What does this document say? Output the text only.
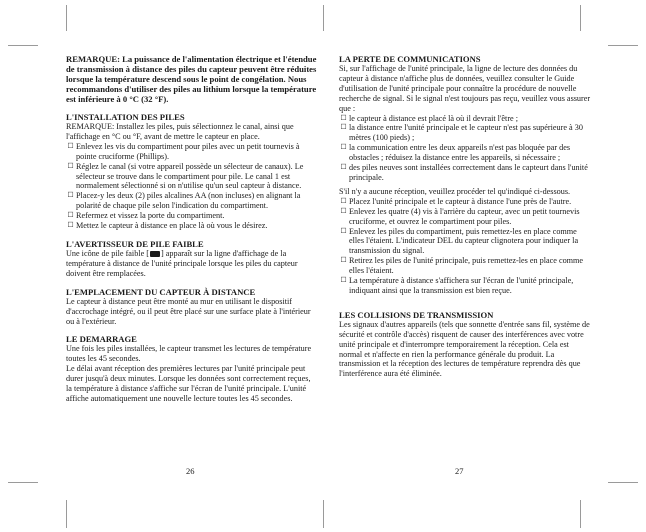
REMARQUE: La puissance de l'alimentation électrique et l'étendue de transmission à distance des piles du capteur peuvent être réduites lorsque la température descend sous le point de congélation. Nous recommandons d'utiliser des piles au lithium lorsque la température est inférieure à 0 °C (32 °F).

L'INSTALLATION DES PILES

REMARQUE: Installez les piles, puis sélectionnez le canal, ainsi que l'affichage en °C ou °F, avant de mettre le capteur en place.

☐ Enlevez les vis du compartiment pour piles avec un petit tournevis à pointe cruciforme (Phillips).
☐ Réglez le canal (si votre appareil possède un sélecteur de canaux). Le sélecteur se trouve dans le compartiment pour pile. Le canal 1 est normalement sélectionné si on n'utilise qu'un seul capteur à distance.
☐ Placez-y les deux (2) piles alcalines AA (non incluses) en alignant la polarité de chaque pile selon l'indication du compartiment.
☐ Refermez et vissez la porte du compartiment.
☐ Mettez le capteur à distance en place là où vous le désirez.

L'AVERTISSEUR DE PILE FAIBLE

Une icône de pile faible [ ] apparaît sur la ligne d'affichage de la température à distance de l'unité principale lorsque les piles du capteur doivent être remplacées.

L'EMPLACEMENT DU CAPTEUR À DISTANCE

Le capteur à distance peut être monté au mur en utilisant le dispositif d'accrochage intégré, ou il peut être placé sur une surface plate à l'intérieur ou à l'extérieur.

LE DEMARRAGE

Une fois les piles installées, le capteur transmet les lectures de température toutes les 45 secondes.

Le délai avant réception des premières lectures par l'unité principale peut durer jusqu'à deux minutes. Lorsque les données sont correctement reçues, la température à distance s'affiche sur l'écran de l'unité principale. L'unité affiche automatiquement une nouvelle lecture toutes les 45 secondes.

26

LA PERTE DE COMMUNICATIONS

Si, sur l'affichage de l'unité principale, la ligne de lecture des données du capteur à distance n'affiche plus de données, veuillez consulter le Guide d'utilisation de l'unité principale pour connaître la procédure de nouvelle recherche de signal. Si le signal n'est toujours pas reçu, veuillez vous assurer que :

☐ le capteur à distance est placé là où il devrait l'être ;
☐ la distance entre l'unité principale et le capteur n'est pas supérieure à 30 mètres (100 pieds) ;
☐ la communication entre les deux appareils n'est pas bloquée par des obstacles ; réduisez la distance entre les appareils, si nécessaire ;
☐ des piles neuves sont installées correctement dans le capteurt dans l'unité principale.

S'il n'y a aucune réception, veuillez procéder tel qu'indiqué ci-dessous.

☐ Placez l'unité principale et le capteur à distance l'une près de l'autre.
☐ Enlevez les quatre (4) vis à l'arrière du capteur, avec un petit tournevis cruciforme, et ouvrez le compartiment pour piles.
☐ Enlevez les piles du compartiment, puis remettez-les en place comme elles l'étaient. L'indicateur DEL du capteur clignotera pour indiquer la transmission du signal.
☐ Retirez les piles de l'unité principale, puis remettez-les en place comme elles l'étaient.
☐ La température à distance s'affichera sur l'écran de l'unité principale, indiquant ainsi que la transmission est bien reçue.

LES COLLISIONS DE TRANSMISSION

Les signaux d'autres appareils (tels que sonnette d'entrée sans fil, système de sécurité et contrôle d'accès) risquent de causer des interférences avec votre unité principale et d'interrompre temporairement la réception. Cela est normal et n'affecte en rien la performance générale du produit. La transmission et la réception des lectures de température reprendra dès que l'interférence aura été éliminée.

27
